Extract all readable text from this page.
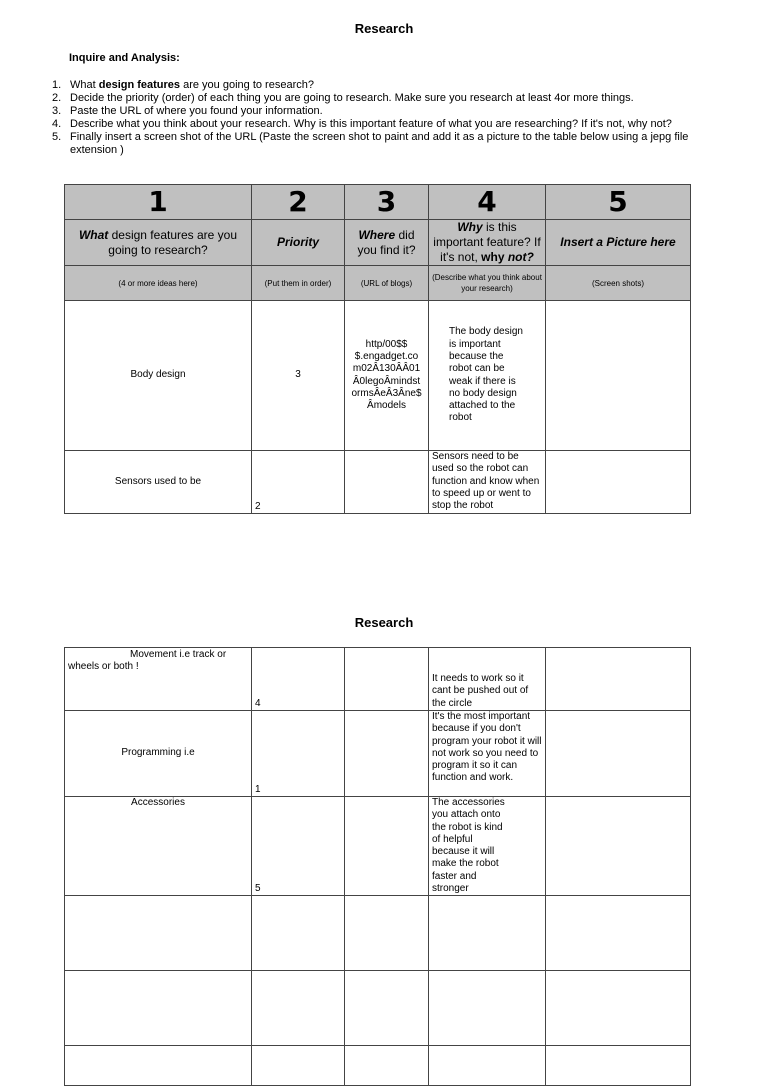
Research
Inquire and Analysis:
1. What design features are you going to research?
2. Decide the priority (order) of each thing you are going to research. Make sure you research at least 4or more things.
3. Paste the URL of where you found your information.
4. Describe what you think about your research. Why is this important feature of what you are researching? If it's not, why not?
5. Finally insert a screen shot of the URL (Paste the screen shot to paint and add it as a picture to the table below using a jepg file extension )
1	2	3	4	5
What design features are you going to research?	Priority	Where did you find it?	Why is this important feature? If it's not, why not?	Insert a Picture here
(4 or more ideas here)	(Put them in order)	(URL of blogs)	(Describe what you think about your research)	(Screen shots)
Body design	3	http/00$$ $.engadget.co m02Â130ÂÂ01 Â0legoÂmindst ormsÂeÂ3Âne$ Âmodels	The body design is important because the robot can be weak if there is no body design attached to the robot	
Sensors used to be	2		Sensors need to be used so the robot can function and know when to speed up or went to stop the robot	
Research
Movement i.e track or wheels or both !	4		It needs to work so it cant be pushed out of the circle	
Programming i.e	1		It's the most important because if you don't program your robot it will not work so you need to program it so it can function and work.	
Accessories	5		The accessories you attach onto the robot is kind of helpful because it will make the robot faster and stronger	
